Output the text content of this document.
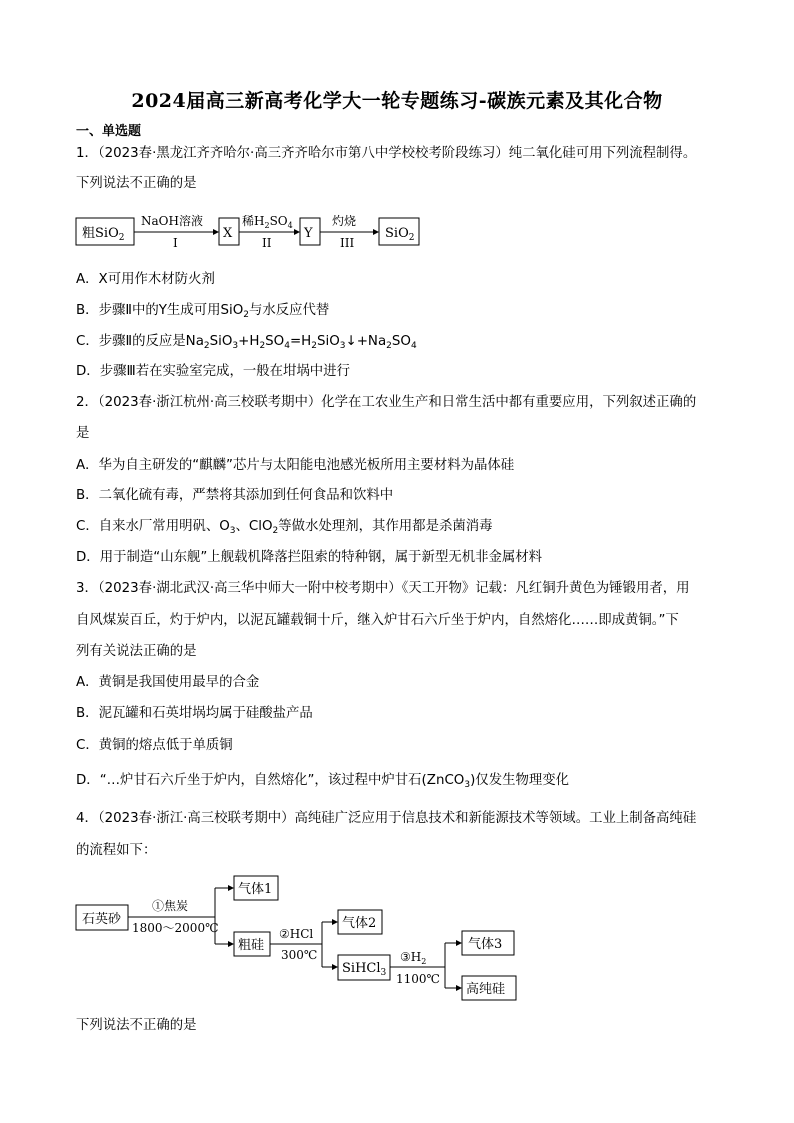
2024届高三新高考化学大一轮专题练习-碳族元素及其化合物
一、单选题
1．（2023春·黑龙江齐齐哈尔·高三齐齐哈尔市第八中学校校考阶段练习）纯二氧化硅可用下列流程制得。
下列说法不正确的是
粗SiO$_2$
NaOH溶液
I
X
稀$H_2SO_4$
II
Y
灼烧
III
SiO$_2$
A．X可用作木材防火剂
B．步骤Ⅱ中的Y生成可用SiO$_2$与水反应代替
C．步骤Ⅱ的反应是$Na_2SiO_3+H_2SO_4=H_2SiO_3↓+Na_2SO_4$
D．步骤Ⅲ若在实验室完成，一般在坩埚中进行
2．（2023春·浙江杭州·高三校联考期中）化学在工农业生产和日常生活中都有重要应用，下列叙述正确的
是
A．华为自主研发的“麒麟”芯片与太阳能电池感光板所用主要材料为晶体硅
B．二氧化硫有毒，严禁将其添加到任何食品和饮料中
C．自来水厂常用明矾、$O_3$、ClO$_2$等做水处理剂，其作用都是杀菌消毒
D．用于制造“山东舰”上舰载机降落拦阻索的特种钢，属于新型无机非金属材料
3．（2023春·湖北武汉·高三华中师大一附中校考期中）《天工开物》记载：凡红铜升黄色为锤锻用者，用
自风煤炭百丘，灼于炉内，以泥瓦罐载铜十斤，继入炉甘石六斤坐于炉内，自然熔化……即成黄铜。”下
列有关说法正确的是
A．黄铜是我国使用最早的合金
B．泥瓦罐和石英坩埚均属于硅酸盐产品
C．黄铜的熔点低于单质铜
D．“…炉甘石六斤坐于炉内，自然熔化”，该过程中炉甘石(ZnCO$_3$)仅发生物理变化
4．（2023春·浙江·高三校联考期中）高纯硅广泛应用于信息技术和新能源技术等领域。工业上制备高纯硅
的流程如下：
石英砂
①焦炭
1800～2000℃
气体1
粗硅
②HCl
300℃
气体2
SiHCl$_3$
$③H_2$
1100℃
气体3
高纯硅
下列说法不正确的是
